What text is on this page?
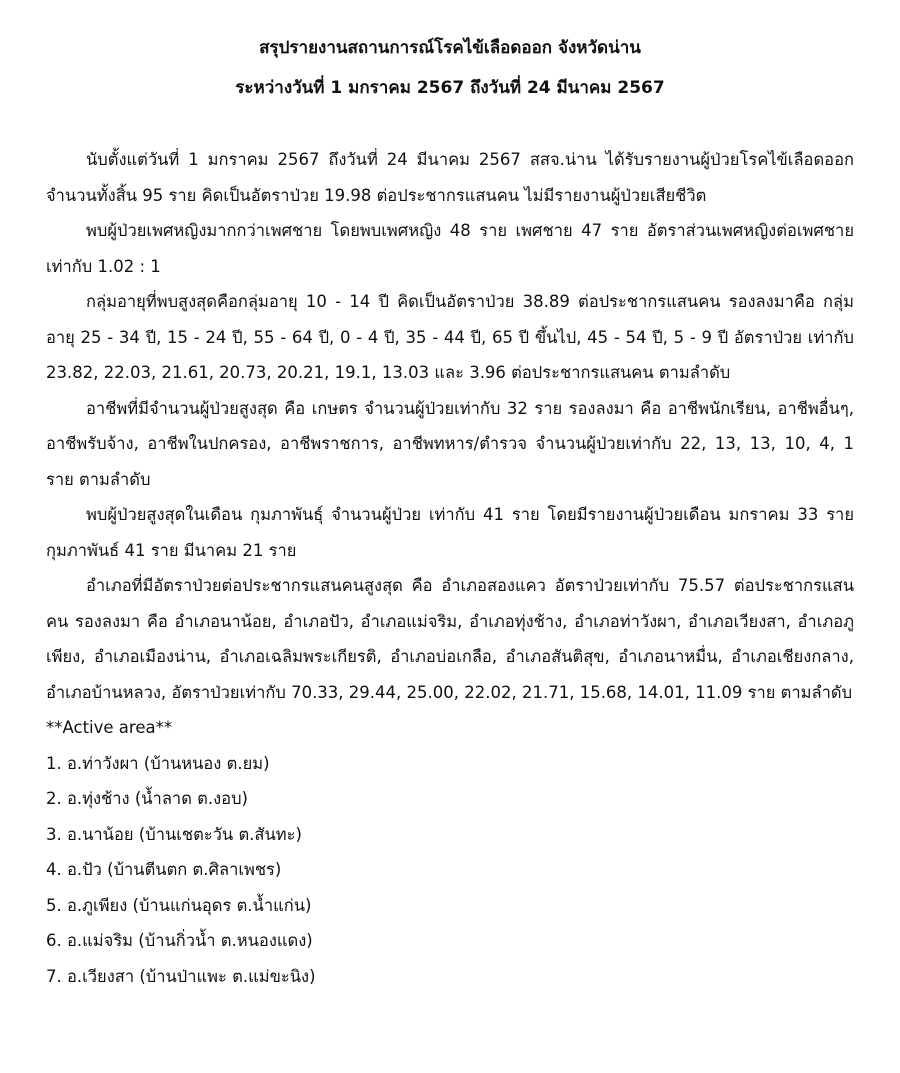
สรุปรายงานสถานการณ์โรคไข้เลือดออก จังหวัดน่าน
ระหว่างวันที่ 1 มกราคม 2567 ถึงวันที่ 24 มีนาคม 2567

นับตั้งแต่วันที่ 1 มกราคม 2567 ถึงวันที่ 24 มีนาคม 2567 สสจ.น่าน ได้รับรายงานผู้ป่วยโรคไข้เลือดออก จำนวนทั้งสิ้น 95 ราย คิดเป็นอัตราป่วย 19.98 ต่อประชากรแสนคน ไม่มีรายงานผู้ป่วยเสียชีวิต

พบผู้ป่วยเพศหญิงมากกว่าเพศชาย โดยพบเพศหญิง 48 ราย เพศชาย 47 ราย อัตราส่วนเพศหญิงต่อเพศชาย เท่ากับ 1.02 : 1

กลุ่มอายุที่พบสูงสุดคือกลุ่มอายุ 10 - 14 ปี คิดเป็นอัตราป่วย 38.89 ต่อประชากรแสนคน รองลงมาคือ กลุ่มอายุ 25 - 34 ปี, 15 - 24 ปี, 55 - 64 ปี, 0 - 4 ปี, 35 - 44 ปี, 65 ปี ขึ้นไป, 45 - 54 ปี, 5 - 9 ปี อัตราป่วย เท่ากับ 23.82, 22.03, 21.61, 20.73, 20.21, 19.1, 13.03 และ 3.96 ต่อประชากรแสนคน ตามลำดับ

อาชีพที่มีจำนวนผู้ป่วยสูงสุด คือ เกษตร จำนวนผู้ป่วยเท่ากับ 32 ราย รองลงมา คือ อาชีพนักเรียน, อาชีพอื่นๆ, อาชีพรับจ้าง, อาชีพในปกครอง, อาชีพราชการ, อาชีพทหาร/ตำรวจ จำนวนผู้ป่วยเท่ากับ 22, 13, 13, 10, 4, 1 ราย ตามลำดับ

พบผู้ป่วยสูงสุดในเดือน กุมภาพันธุ์ จำนวนผู้ป่วย เท่ากับ 41 ราย โดยมีรายงานผู้ป่วยเดือน มกราคม 33 ราย กุมภาพันธ์ 41 ราย มีนาคม 21 ราย

อำเภอที่มีอัตราป่วยต่อประชากรแสนคนสูงสุด คือ อำเภอสองแคว อัตราป่วยเท่ากับ 75.57 ต่อประชากรแสนคน รองลงมา คือ อำเภอนาน้อย, อำเภอปัว, อำเภอแม่จริม, อำเภอทุ่งช้าง, อำเภอท่าวังผา, อำเภอเวียงสา, อำเภอภูเพียง, อำเภอเมืองน่าน, อำเภอเฉลิมพระเกียรติ, อำเภอบ่อเกลือ, อำเภอสันติสุข, อำเภอนาหมื่น, อำเภอเชียงกลาง, อำเภอบ้านหลวง, อัตราป่วยเท่ากับ 70.33, 29.44, 25.00, 22.02, 21.71, 15.68, 14.01, 11.09 ราย ตามลำดับ

**Active area**

1. อ.ท่าวังผา (บ้านหนอง ต.ยม)
2. อ.ทุ่งช้าง (น้ำลาด ต.งอบ)
3. อ.นาน้อย (บ้านเชตะวัน ต.สันทะ)
4. อ.ปัว (บ้านตีนตก ต.ศิลาเพชร)
5. อ.ภูเพียง (บ้านแก่นอุดร ต.น้ำแก่น)
6. อ.แม่จริม (บ้านกิ่วน้ำ ต.หนองแดง)
7. อ.เวียงสา (บ้านป่าแพะ ต.แม่ขะนิง)
